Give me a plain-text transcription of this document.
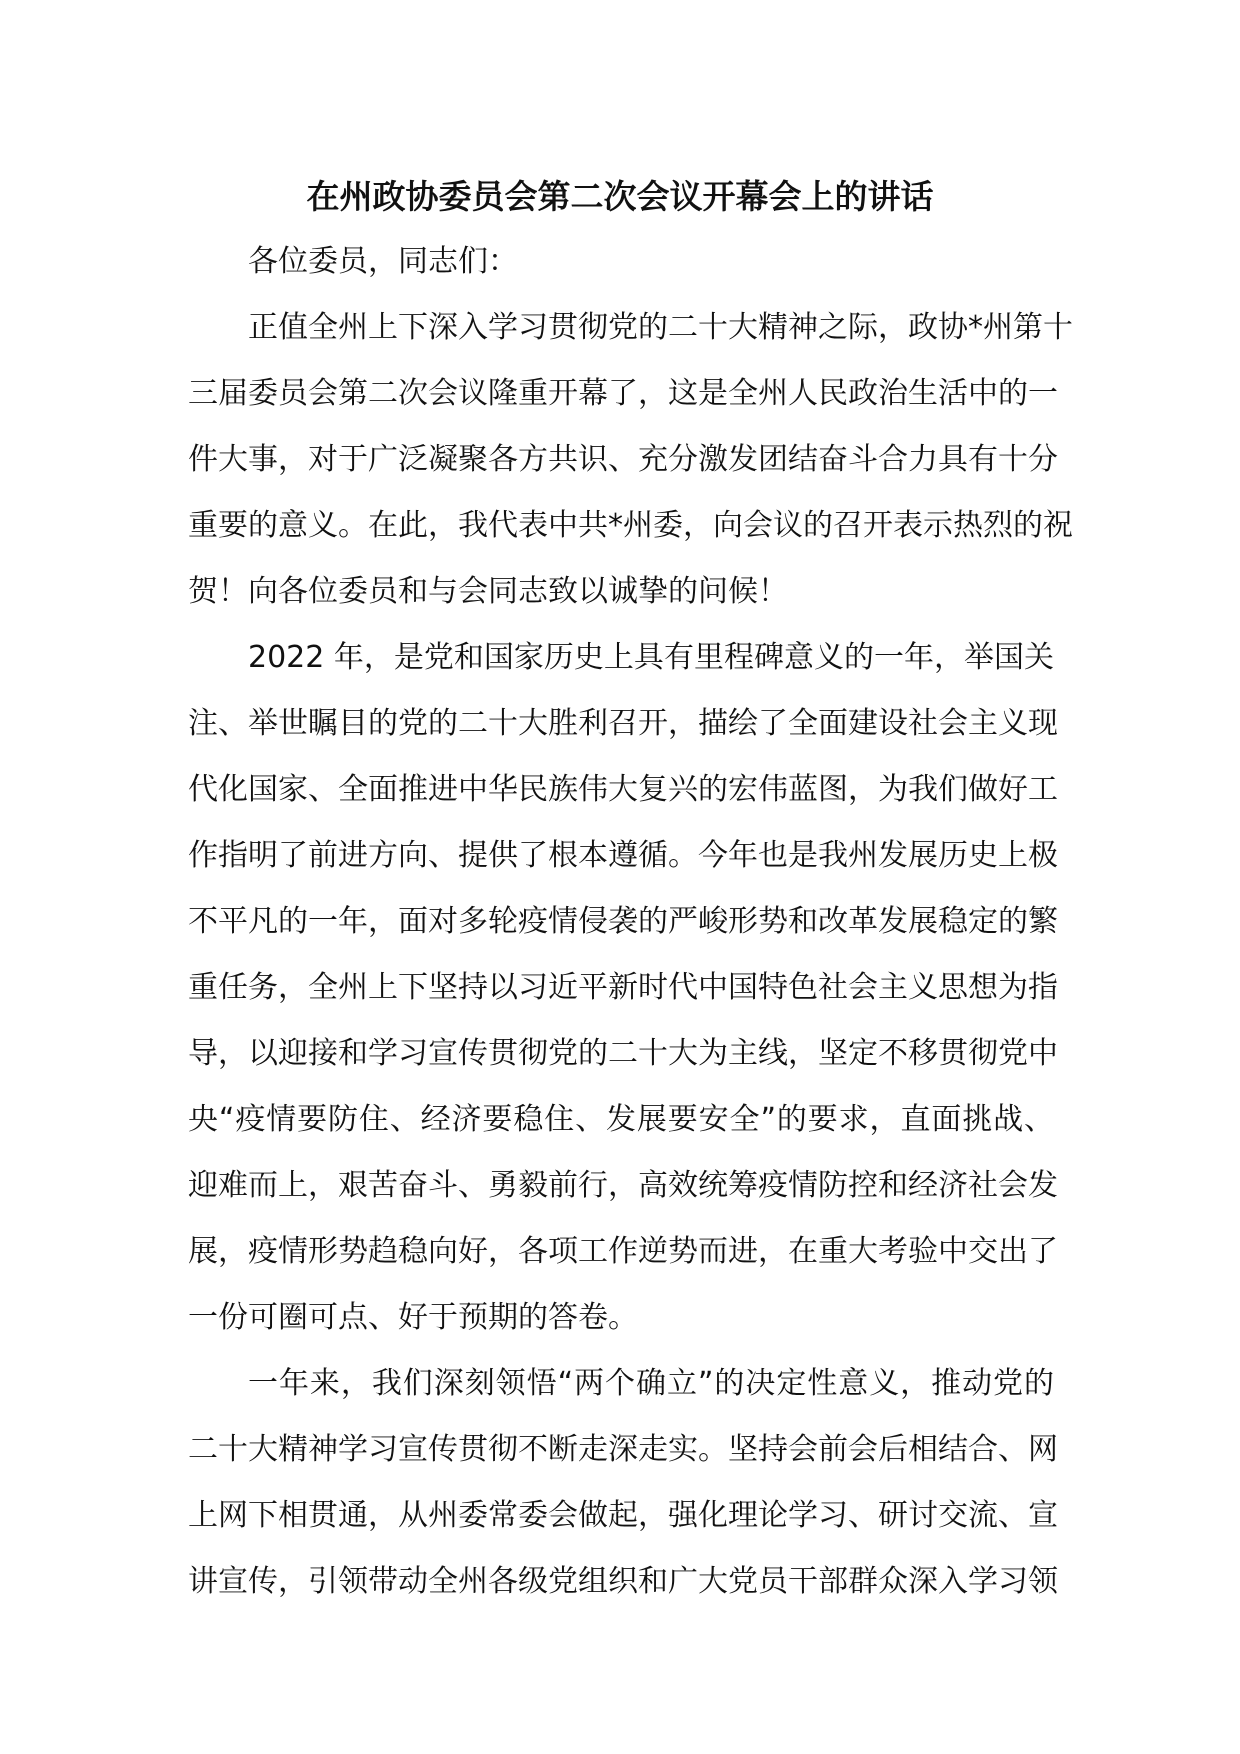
在州政协委员会第二次会议开幕会上的讲话
各位委员，同志们：
正值全州上下深入学习贯彻党的二十大精神之际，政协*州第十
三届委员会第二次会议隆重开幕了，这是全州人民政治生活中的一
件大事，对于广泛凝聚各方共识、充分激发团结奋斗合力具有十分
重要的意义。在此，我代表中共*州委，向会议的召开表示热烈的祝
贺！向各位委员和与会同志致以诚挚的问候！
2022 年，是党和国家历史上具有里程碑意义的一年，举国关
注、举世瞩目的党的二十大胜利召开，描绘了全面建设社会主义现
代化国家、全面推进中华民族伟大复兴的宏伟蓝图，为我们做好工
作指明了前进方向、提供了根本遵循。今年也是我州发展历史上极
不平凡的一年，面对多轮疫情侵袭的严峻形势和改革发展稳定的繁
重任务，全州上下坚持以习近平新时代中国特色社会主义思想为指
导，以迎接和学习宣传贯彻党的二十大为主线，坚定不移贯彻党中
央“疫情要防住、经济要稳住、发展要安全”的要求，直面挑战、
迎难而上，艰苦奋斗、勇毅前行，高效统筹疫情防控和经济社会发
展，疫情形势趋稳向好，各项工作逆势而进，在重大考验中交出了
一份可圈可点、好于预期的答卷。
一年来，我们深刻领悟“两个确立”的决定性意义，推动党的
二十大精神学习宣传贯彻不断走深走实。坚持会前会后相结合、网
上网下相贯通，从州委常委会做起，强化理论学习、研讨交流、宣
讲宣传，引领带动全州各级党组织和广大党员干部群众深入学习领
